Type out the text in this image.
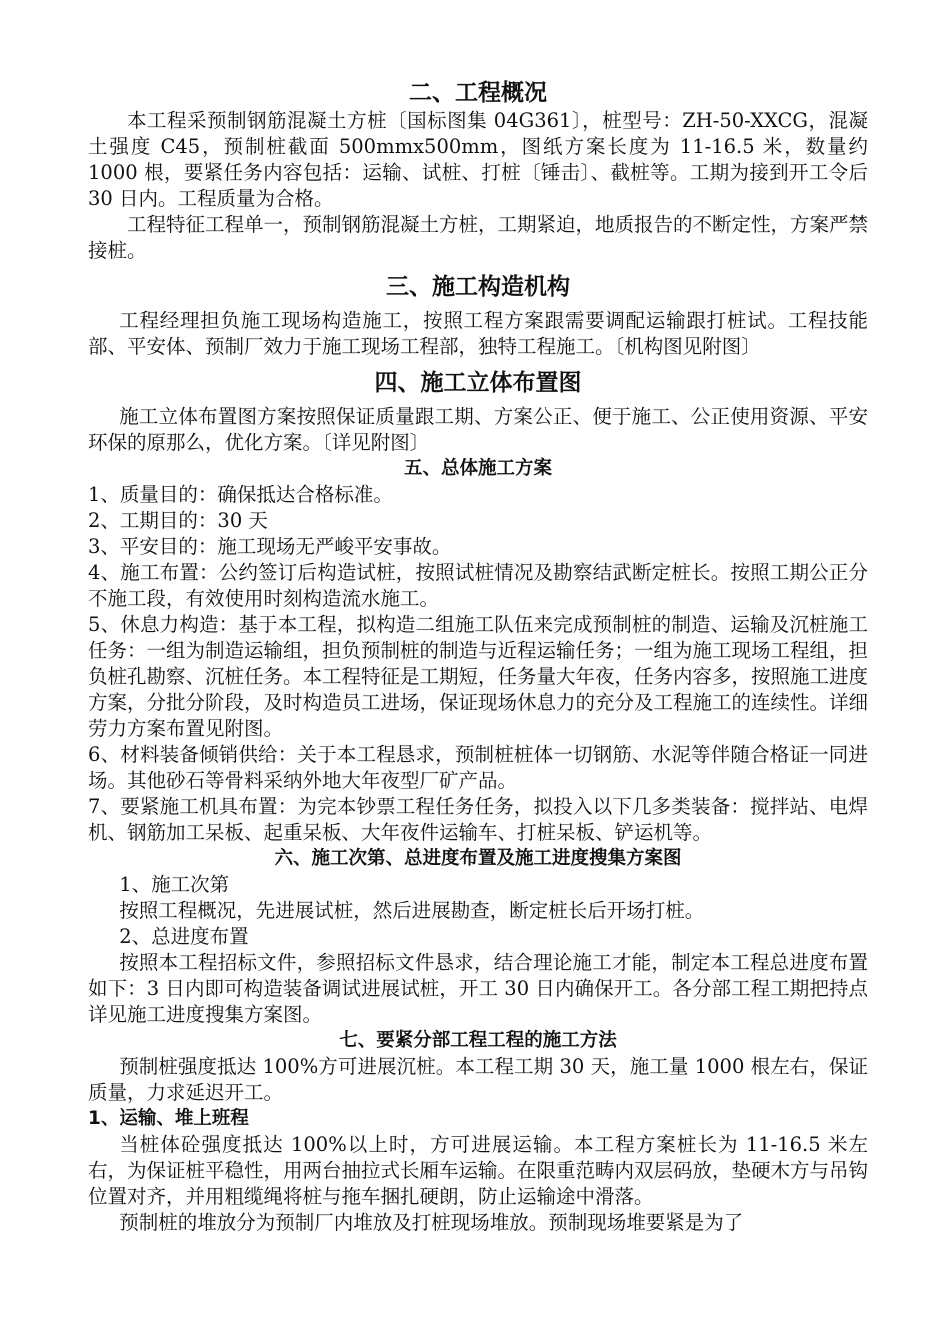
二、工程概况
本工程采预制钢筋混凝土方桩〔国标图集 04G361〕，桩型号：ZH-50-XXCG，混凝土强度 C45，预制桩截面 500mmx500mm，图纸方案长度为 11-16.5 米，数量约 1000 根，要紧任务内容包括：运输、试桩、打桩〔锤击〕、截桩等。工期为接到开工令后 30 日内。工程质量为合格。
工程特征工程单一，预制钢筋混凝土方桩，工期紧迫，地质报告的不断定性，方案严禁接桩。
三、施工构造机构
工程经理担负施工现场构造施工，按照工程方案跟需要调配运输跟打桩试。工程技能部、平安体、预制厂效力于施工现场工程部，独特工程施工。〔机构图见附图〕
四、施工立体布置图
施工立体布置图方案按照保证质量跟工期、方案公正、便于施工、公正使用资源、平安环保的原那么，优化方案。〔详见附图〕
五、总体施工方案
1、质量目的：确保抵达合格标准。
2、工期目的：30 天
3、平安目的：施工现场无严峻平安事故。
4、施工布置：公约签订后构造试桩，按照试桩情况及勘察结武断定桩长。按照工期公正分不施工段，有效使用时刻构造流水施工。
5、休息力构造：基于本工程，拟构造二组施工队伍来完成预制桩的制造、运输及沉桩施工任务：一组为制造运输组，担负预制桩的制造与近程运输任务；一组为施工现场工程组，担负桩孔勘察、沉桩任务。本工程特征是工期短，任务量大年夜，任务内容多，按照施工进度方案，分批分阶段，及时构造员工进场，保证现场休息力的充分及工程施工的连续性。详细劳力方案布置见附图。
6、材料装备倾销供给：关于本工程恳求，预制桩桩体一切钢筋、水泥等伴随合格证一同进场。其他砂石等骨料采纳外地大年夜型厂矿产品。
7、要紧施工机具布置：为完本钞票工程任务任务，拟投入以下几多类装备：搅拌站、电焊机、钢筋加工呆板、起重呆板、大年夜件运输车、打桩呆板、铲运机等。
六、施工次第、总进度布置及施工进度搜集方案图
1、施工次第
按照工程概况，先进展试桩，然后进展勘查，断定桩长后开场打桩。
2、总进度布置
按照本工程招标文件，参照招标文件恳求，结合理论施工才能，制定本工程总进度布置如下：3 日内即可构造装备调试进展试桩，开工 30 日内确保开工。各分部工程工期把持点详见施工进度搜集方案图。
七、要紧分部工程工程的施工方法
预制桩强度抵达 100%方可进展沉桩。本工程工期 30 天，施工量 1000 根左右，保证质量，力求延迟开工。
1、运输、堆上班程
当桩体砼强度抵达 100%以上时，方可进展运输。本工程方案桩长为 11-16.5 米左右，为保证桩平稳性，用两台抽拉式长厢车运输。在限重范畴内双层码放，垫硬木方与吊钩位置对齐，并用粗缆绳将桩与拖车捆扎硬朗，防止运输途中滑落。
预制桩的堆放分为预制厂内堆放及打桩现场堆放。预制现场堆要紧是为了
